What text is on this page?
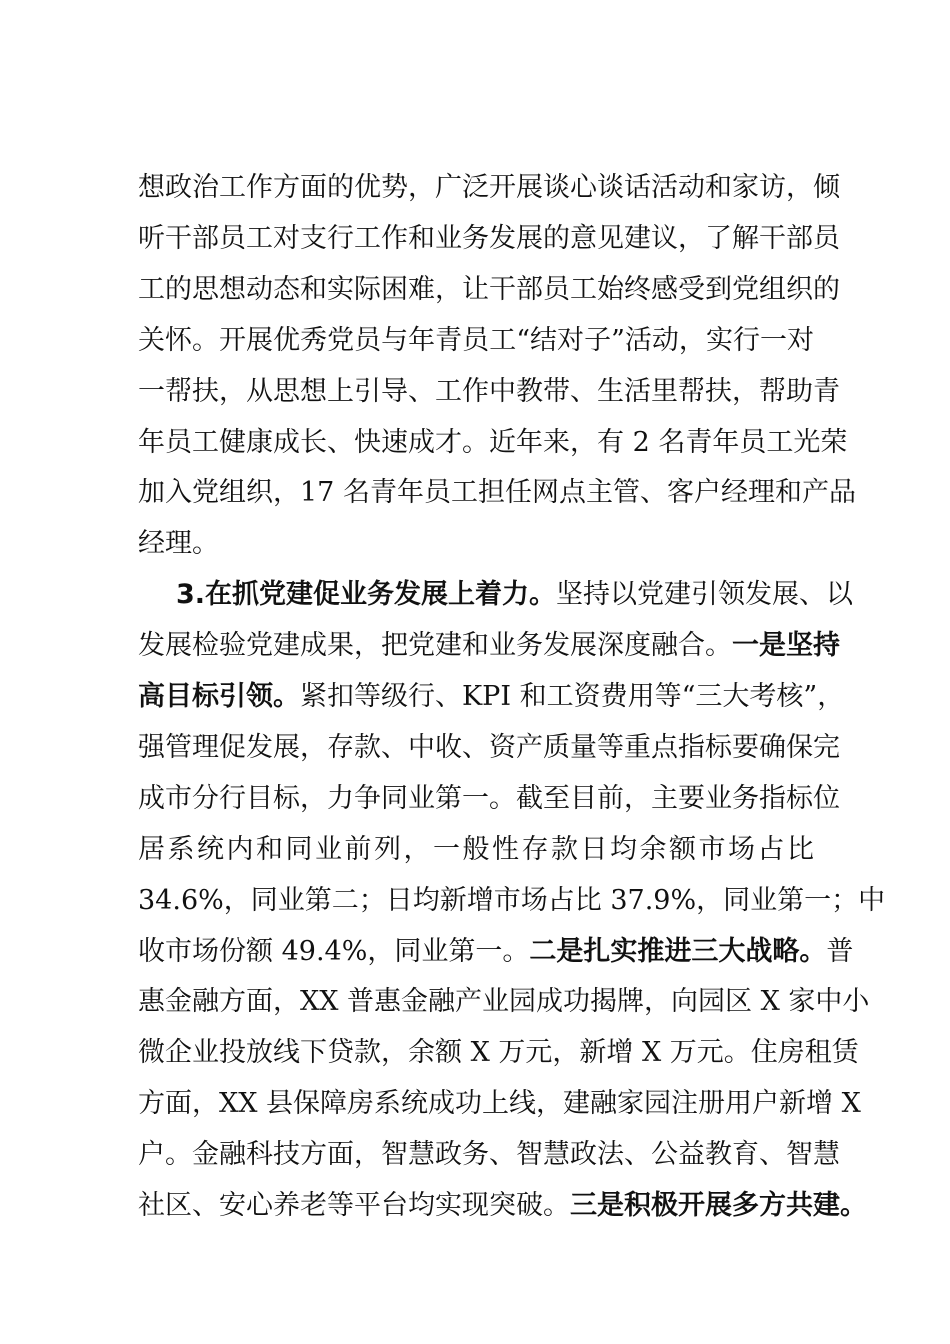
想政治工作方面的优势，广泛开展谈心谈话活动和家访，倾
听干部员工对支行工作和业务发展的意见建议，了解干部员
工的思想动态和实际困难，让干部员工始终感受到党组织的
关怀。开展优秀党员与年青员工“结对子”活动，实行一对
一帮扶，从思想上引导、工作中教带、生活里帮扶，帮助青
年员工健康成长、快速成才。近年来，有 2 名青年员工光荣
加入党组织，17 名青年员工担任网点主管、客户经理和产品
经理。
3.在抓党建促业务发展上着力。坚持以党建引领发展、以
发展检验党建成果，把党建和业务发展深度融合。一是坚持
高目标引领。紧扣等级行、KPI 和工资费用等“三大考核”，
强管理促发展，存款、中收、资产质量等重点指标要确保完
成市分行目标，力争同业第一。截至目前，主要业务指标位
居系统内和同业前列，一般性存款日均余额市场占比
34.6%，同业第二；日均新增市场占比 37.9%，同业第一；中
收市场份额 49.4%，同业第一。二是扎实推进三大战略。普
惠金融方面，XX 普惠金融产业园成功揭牌，向园区 X 家中小
微企业投放线下贷款，余额 X 万元，新增 X 万元。住房租赁
方面，XX 县保障房系统成功上线，建融家园注册用户新增 X
户。金融科技方面，智慧政务、智慧政法、公益教育、智慧
社区、安心养老等平台均实现突破。三是积极开展多方共建。
